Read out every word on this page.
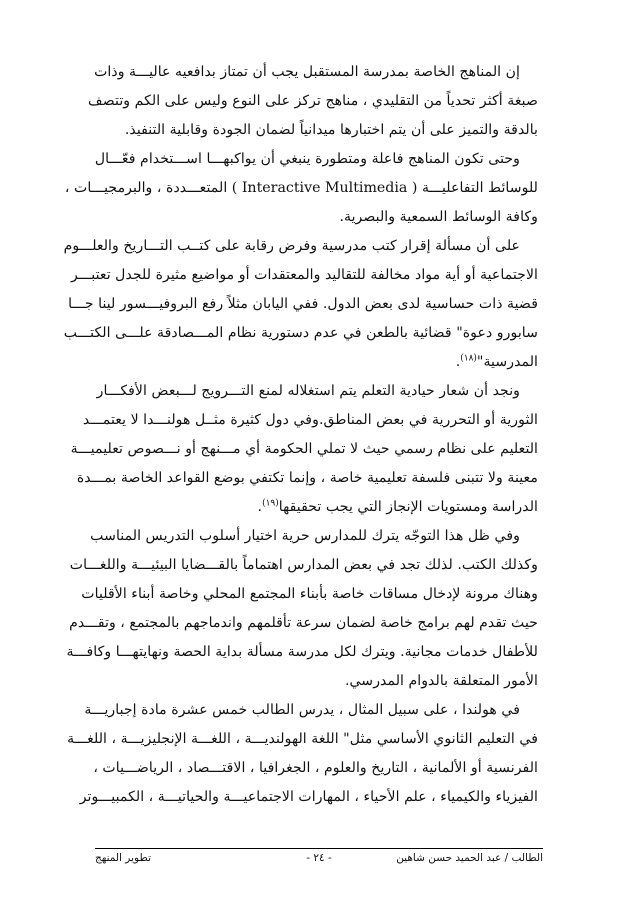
إن المناهج الخاصة بمدرسة المستقبل يجب أن تمتاز بدافعيه عاليـــة وذات
صبغة أكثر تحدياً من التقليدي ، مناهج تركز على النوع وليس على الكم وتتصف
بالدقة والتميز على أن يتم اختبارها ميدانياً لضمان الجودة وقابلية التنفيذ.
وحتى تكون المناهج فاعلة ومتطورة ينبغي أن يواكبهـــا اســـتخدام فعّـــال
للوسائط التفاعليـــة ( Interactive Multimedia ) المتعـــددة ، والبرمجيـــات ،
وكافة الوسائط السمعية والبصرية.
على أن مسألة إقرار كتب مدرسية وفرض رقابة على كتــب التـــاريخ والعلـــوم
الاجتماعية أو أية مواد مخالفة للتقاليد والمعتقدات أو مواضيع مثيرة للجدل تعتبـــر
قضية ذات حساسية لدى بعض الدول. ففي اليابان مثلاً رفع البروفيـــسور لينا جـــا
سابورو دعوة" قضائية بالطعن في عدم دستورية نظام المـــصادقة علـــى الكتـــب
المدرسية"$^{(١٨)}$.
ونجد أن شعار حيادية التعلم يتم استغلاله لمنع التـــرويج لـــبعض الأفكـــار
الثورية أو التحررية في بعض المناطق.وفي دول كثيرة مثــل هولنـــدا لا يعتمـــد
التعليم على نظام رسمي حيث لا تملي الحكومة أي مـــنهج أو نـــصوص تعليميـــة
معينة ولا تتبنى فلسفة تعليمية خاصة ، وإنما تكتفي بوضع القواعد الخاصة بمـــدة
الدراسة ومستويات الإنجاز التي يجب تحقيقها$^{(١٩)}$.
وفي ظل هذا التوجّه يترك للمدارس حرية اختيار أسلوب التدريس المناسب
وكذلك الكتب. لذلك تجد في بعض المدارس اهتماماً بالقـــضايا البيئيـــة واللغـــات
وهناك مرونة لإدخال مساقات خاصة بأبناء المجتمع المحلي وخاصة أبناء الأقليات
حيث تقدم لهم برامج خاصة لضمان سرعة تأقلمهم واندماجهم بالمجتمع ، وتقـــدم
للأطفال خدمات مجانية. ويترك لكل مدرسة مسألة بداية الحصة ونهايتهـــا وكافـــة
الأمور المتعلقة بالدوام المدرسي.
في هولندا ، على سبيل المثال ، يدرس الطالب خمس عشرة مادة إجباريـــة
في التعليم الثانوي الأساسي مثل" اللغة الهولنديـــة ، اللغـــة الإنجليزيـــة ، اللغـــة
الفرنسية أو الألمانية ، التاريخ والعلوم ، الجغرافيا ، الاقتـــصاد ، الرياضـــيات ،
الفيزياء والكيمياء ، علم الأحياء ، المهارات الاجتماعيـــة والحياتيـــة ، الكمبيـــوتر
الطالب / عبد الحميد حسن شاهين
- ٢٤ -
تطوير المنهج
